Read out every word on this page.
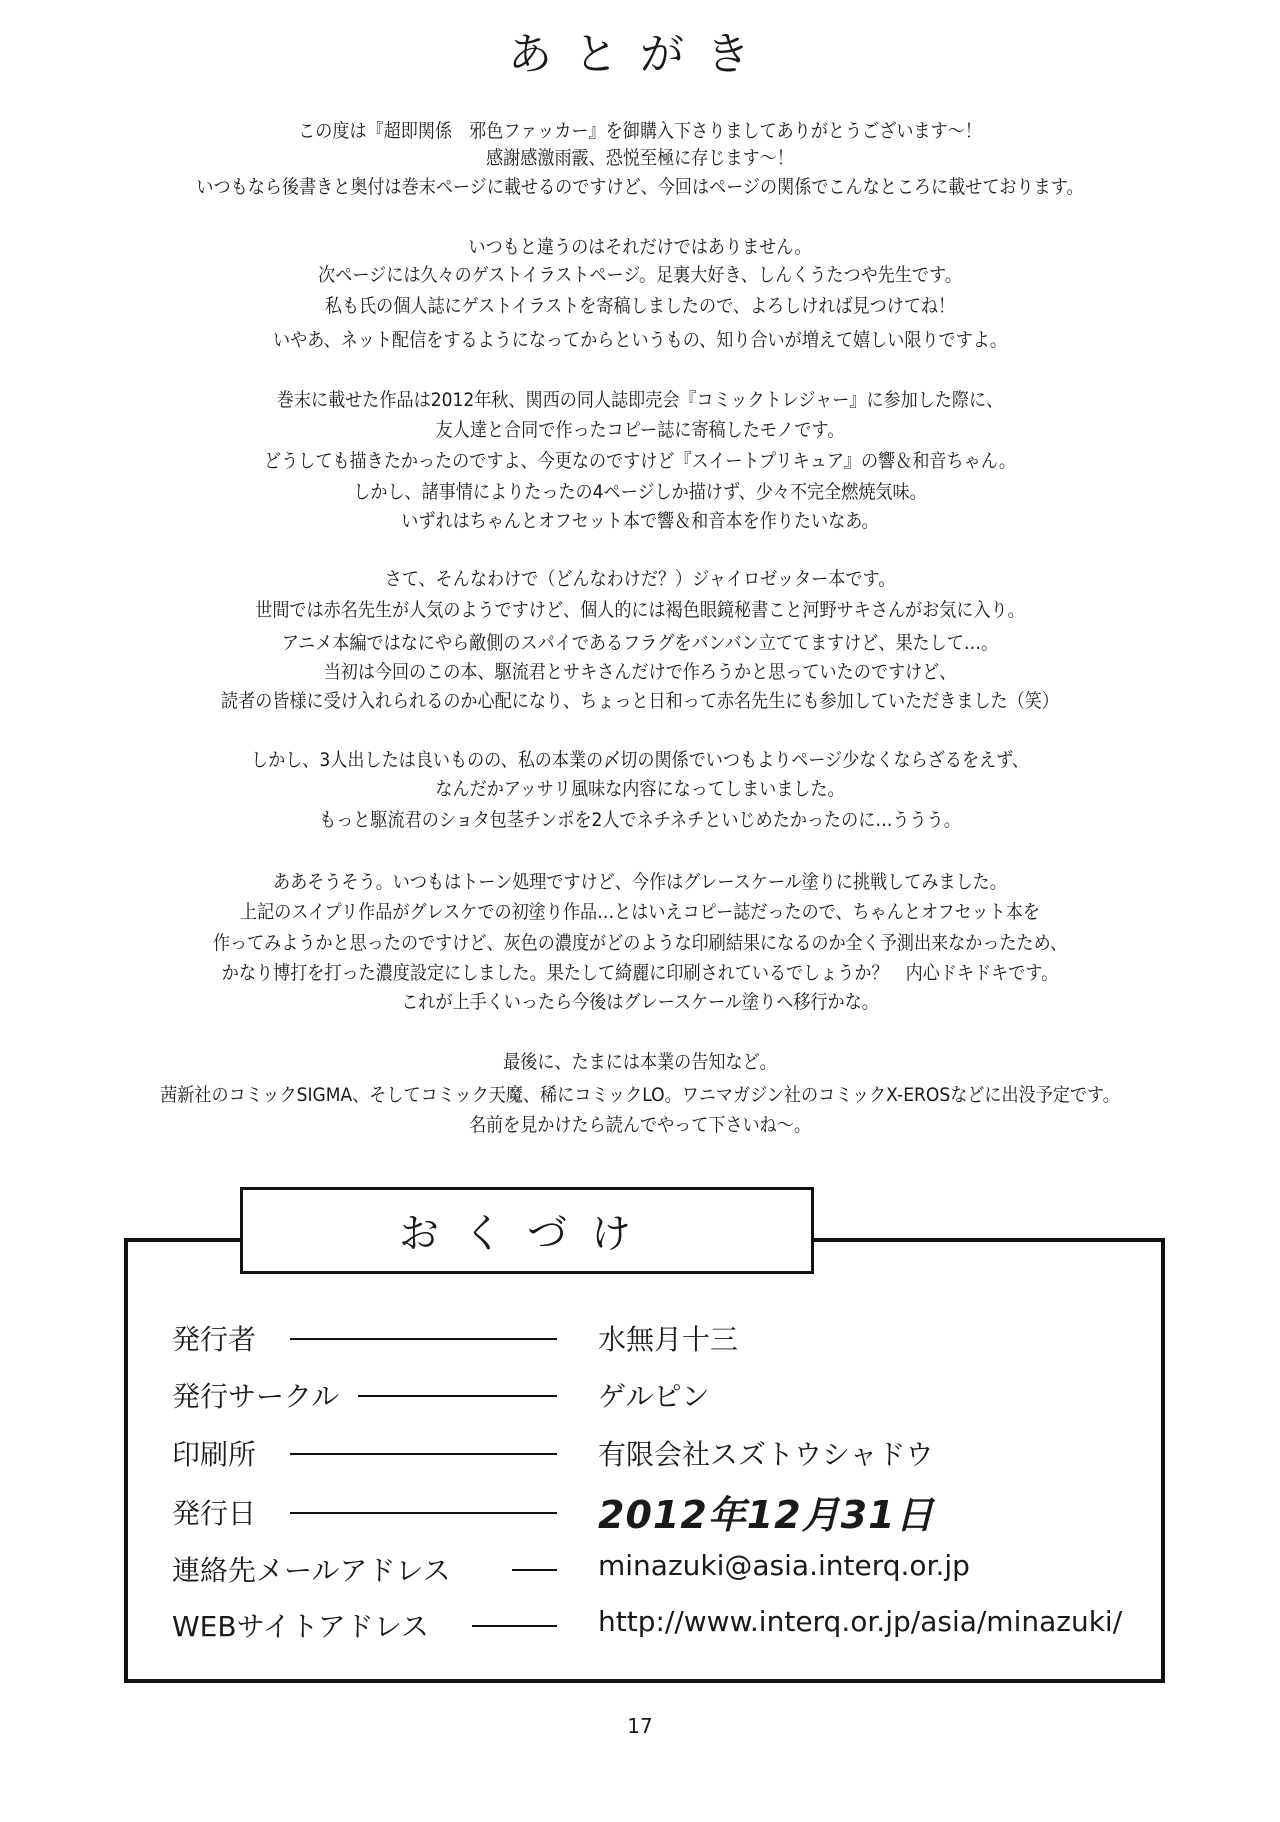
あとがき
この度は『超即関係　邪色ファッカー』を御購入下さりましてありがとうございます～！
感謝感激雨霰、恐悦至極に存じます～！
いつもなら後書きと奥付は巻末ページに載せるのですけど、今回はページの関係でこんなところに載せております。
いつもと違うのはそれだけではありません。
次ページには久々のゲストイラストページ。足裏大好き、しんくうたつや先生です。
私も氏の個人誌にゲストイラストを寄稿しましたので、よろしければ見つけてね！
いやあ、ネット配信をするようになってからというもの、知り合いが増えて嬉しい限りですよ。
巻末に載せた作品は2012年秋、関西の同人誌即売会『コミックトレジャー』に参加した際に、
友人達と合同で作ったコピー誌に寄稿したモノです。
どうしても描きたかったのですよ、今更なのですけど『スイートプリキュア』の響＆和音ちゃん。
しかし、諸事情によりたったの4ページしか描けず、少々不完全燃焼気味。
いずれはちゃんとオフセット本で響＆和音本を作りたいなあ。
さて、そんなわけで（どんなわけだ？）ジャイロゼッター本です。
世間では赤名先生が人気のようですけど、個人的には褐色眼鏡秘書こと河野サキさんがお気に入り。
アニメ本編ではなにやら敵側のスパイであるフラグをバンバン立ててますけど、果たして…。
当初は今回のこの本、駆流君とサキさんだけで作ろうかと思っていたのですけど、
読者の皆様に受け入れられるのか心配になり、ちょっと日和って赤名先生にも参加していただきました（笑）
しかし、3人出したは良いものの、私の本業の〆切の関係でいつもよりページ少なくならざるをえず、
なんだかアッサリ風味な内容になってしまいました。
もっと駆流君のショタ包茎チンポを2人でネチネチといじめたかったのに…ううう。
ああそうそう。いつもはトーン処理ですけど、今作はグレースケール塗りに挑戦してみました。
上記のスイプリ作品がグレスケでの初塗り作品…とはいえコピー誌だったので、ちゃんとオフセット本を
作ってみようかと思ったのですけど、灰色の濃度がどのような印刷結果になるのか全く予測出来なかったため、
かなり博打を打った濃度設定にしました。果たして綺麗に印刷されているでしょうか？　内心ドキドキです。
これが上手くいったら今後はグレースケール塗りへ移行かな。
最後に、たまには本業の告知など。
茜新社のコミックSIGMA、そしてコミック天魔、稀にコミックLO。ワニマガジン社のコミックX-EROSなどに出没予定です。
名前を見かけたら読んでやって下さいね～。
おくづけ
発行者	水無月十三
発行サークル	ゲルピン
印刷所	有限会社スズトウシャドウ
発行日	2012年12月31日
連絡先メールアドレス	minazuki@asia.interq.or.jp
WEBサイトアドレス	http://www.interq.or.jp/asia/minazuki/
17
